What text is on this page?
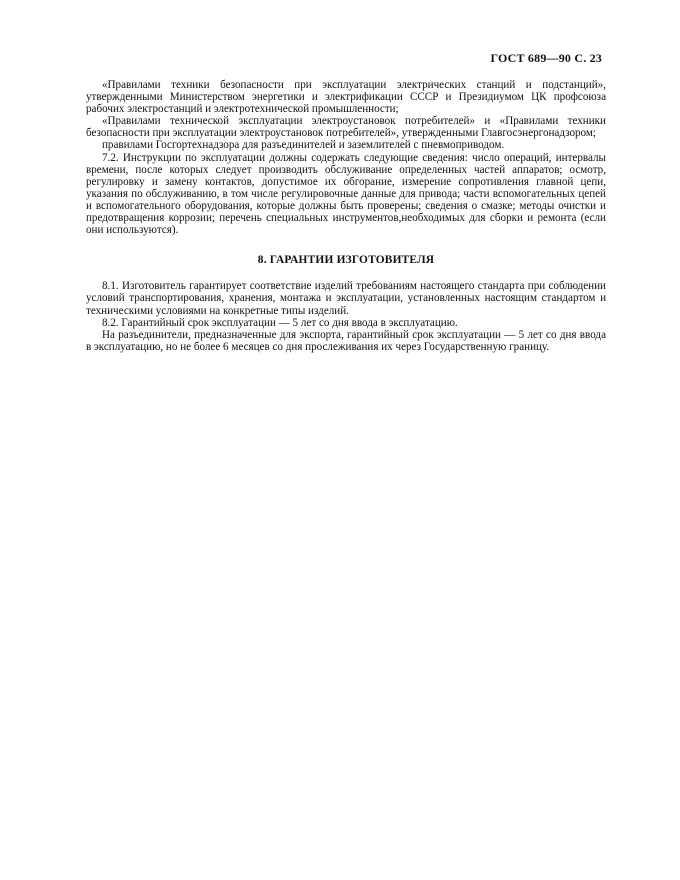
ГОСТ 689—90 С. 23

«Правилами техники безопасности при эксплуатации электрических станций и подстанций», утвержденными Министерством энергетики и электрификации СССР и Президиумом ЦК профсоюза рабочих электростанций и электротехнической промышленности;

«Правилами технической эксплуатации электроустановок потребителей» и «Правилами техники безопасности при эксплуатации электроустановок потребителей», утвержденными Главгосэнергонадзором;

правилами Госгортехнадзора для разъединителей и заземлителей с пневмоприводом.

7.2. Инструкции по эксплуатации должны содержать следующие сведения: число операций, интервалы времени, после которых следует производить обслуживание определенных частей аппаратов; осмотр, регулировку и замену контактов, допустимое их обгорание, измерение сопротивления главной цепи, указания по обслуживанию, в том числе регулировочные данные для привода; части вспомогательных цепей и вспомогательного оборудования, которые должны быть проверены; сведения о смазке; методы очистки и предотвращения коррозии; перечень специальных инструментов,необходимых для сборки и ремонта (если они используются).

8. ГАРАНТИИ ИЗГОТОВИТЕЛЯ

8.1. Изготовитель гарантирует соответствие изделий требованиям настоящего стандарта при соблюдении условий транспортирования, хранения, монтажа и эксплуатации, установленных настоящим стандартом и техническими условиями на конкретные типы изделий.

8.2. Гарантийный срок эксплуатации — 5 лет со дня ввода в эксплуатацию.

На разъединители, предназначенные для экспорта, гарантийный срок эксплуатации — 5 лет со дня ввода в эксплуатацию, но не более 6 месяцев со дня прослеживания их через Государственную границу.
